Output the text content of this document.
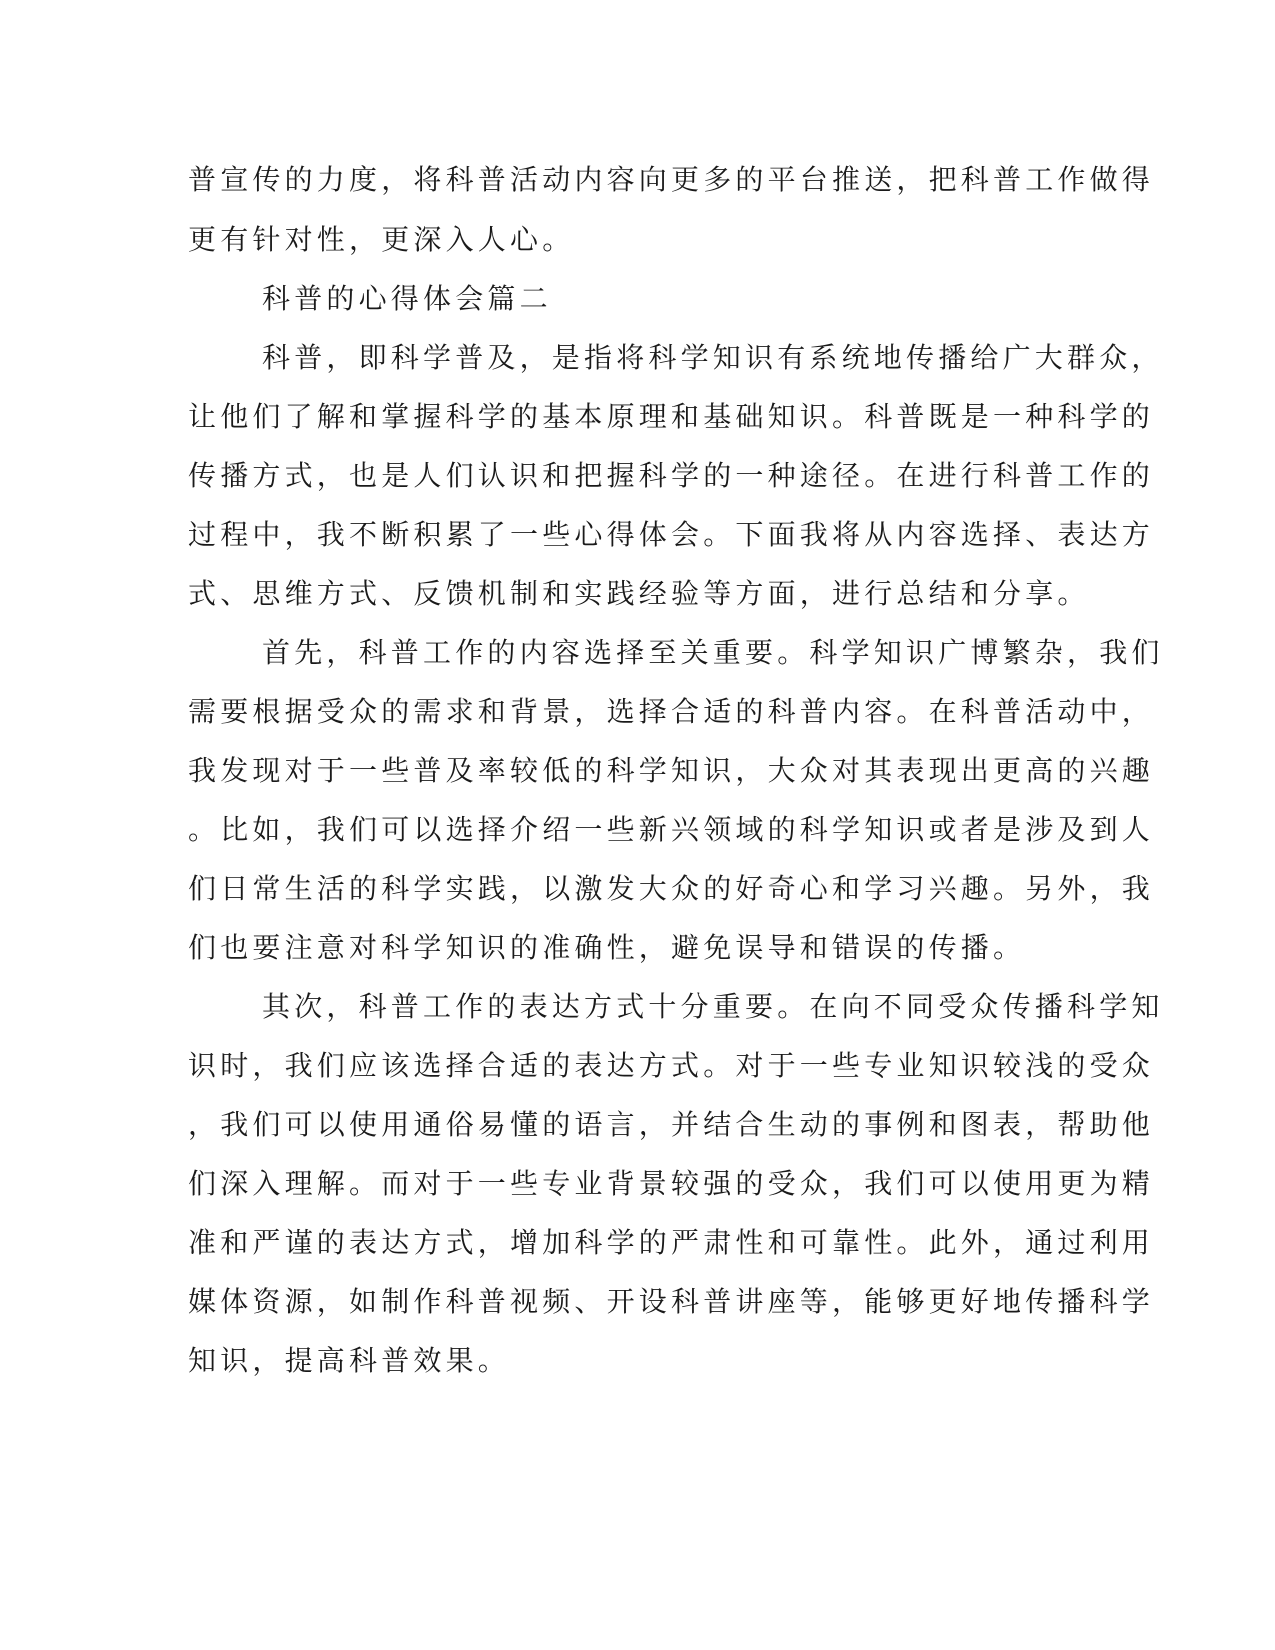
普宣传的力度，将科普活动内容向更多的平台推送，把科普工作做得
更有针对性，更深入人心。
科普的心得体会篇二
科普，即科学普及，是指将科学知识有系统地传播给广大群众，
让他们了解和掌握科学的基本原理和基础知识。科普既是一种科学的
传播方式，也是人们认识和把握科学的一种途径。在进行科普工作的
过程中，我不断积累了一些心得体会。下面我将从内容选择、表达方
式、思维方式、反馈机制和实践经验等方面，进行总结和分享。
首先，科普工作的内容选择至关重要。科学知识广博繁杂，我们
需要根据受众的需求和背景，选择合适的科普内容。在科普活动中，
我发现对于一些普及率较低的科学知识，大众对其表现出更高的兴趣
。比如，我们可以选择介绍一些新兴领域的科学知识或者是涉及到人
们日常生活的科学实践，以激发大众的好奇心和学习兴趣。另外，我
们也要注意对科学知识的准确性，避免误导和错误的传播。
其次，科普工作的表达方式十分重要。在向不同受众传播科学知
识时，我们应该选择合适的表达方式。对于一些专业知识较浅的受众
，我们可以使用通俗易懂的语言，并结合生动的事例和图表，帮助他
们深入理解。而对于一些专业背景较强的受众，我们可以使用更为精
准和严谨的表达方式，增加科学的严肃性和可靠性。此外，通过利用
媒体资源，如制作科普视频、开设科普讲座等，能够更好地传播科学
知识，提高科普效果。
